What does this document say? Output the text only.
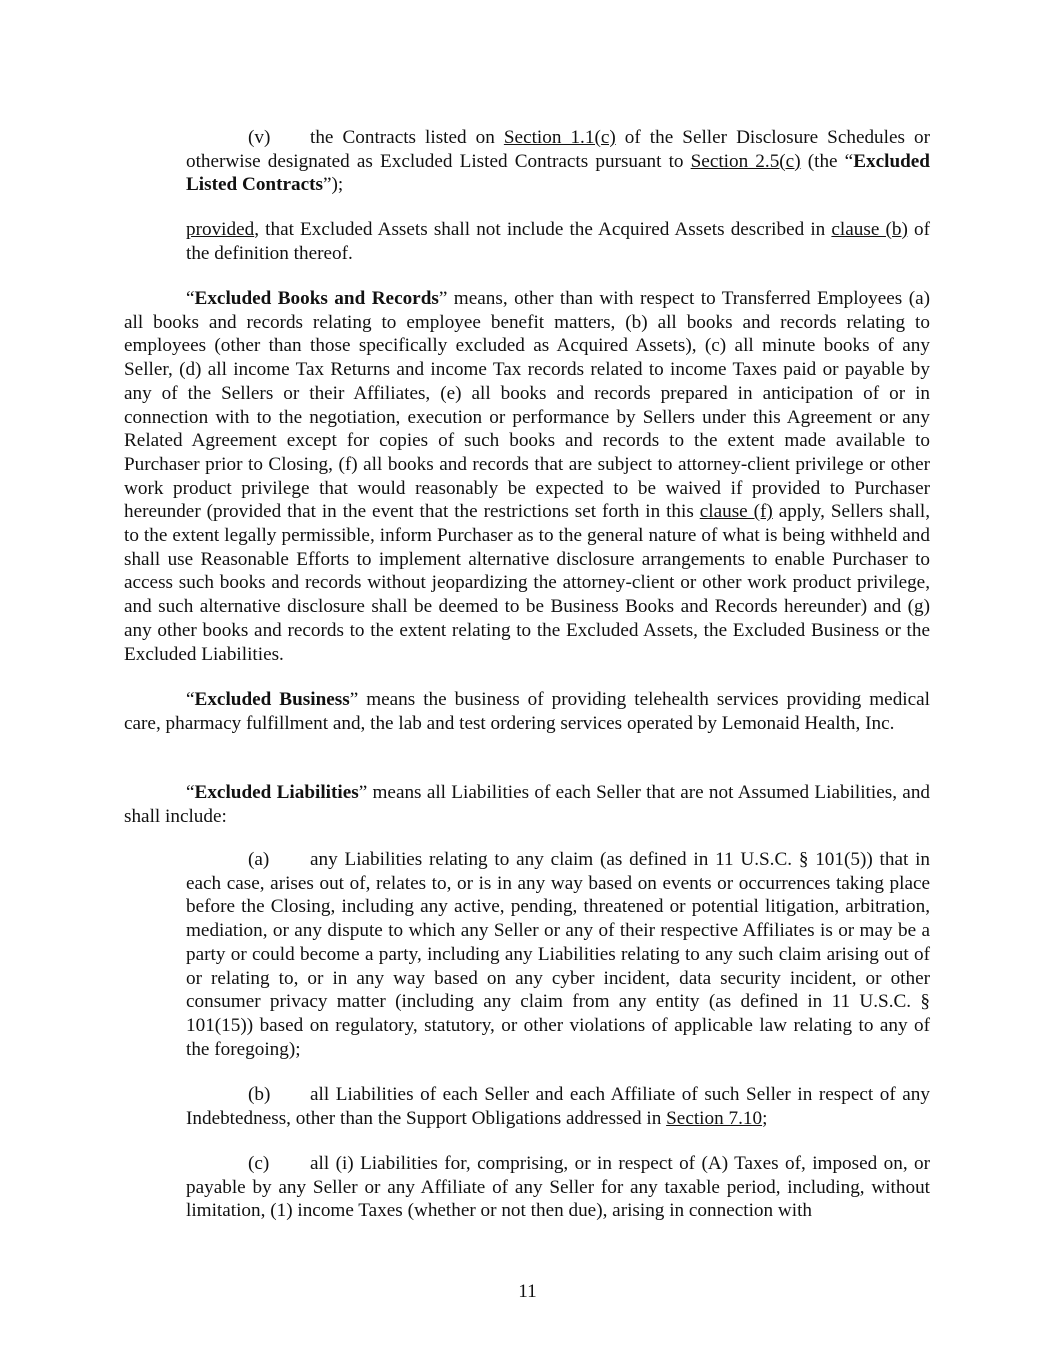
(v) the Contracts listed on Section 1.1(c) of the Seller Disclosure Schedules or otherwise designated as Excluded Listed Contracts pursuant to Section 2.5(c) (the “Excluded Listed Contracts”);

provided, that Excluded Assets shall not include the Acquired Assets described in clause (b) of the definition thereof.

“Excluded Books and Records” means, other than with respect to Transferred Employees (a) all books and records relating to employee benefit matters, (b) all books and records relating to employees (other than those specifically excluded as Acquired Assets), (c) all minute books of any Seller, (d) all income Tax Returns and income Tax records related to income Taxes paid or payable by any of the Sellers or their Affiliates, (e) all books and records prepared in anticipation of or in connection with to the negotiation, execution or performance by Sellers under this Agreement or any Related Agreement except for copies of such books and records to the extent made available to Purchaser prior to Closing, (f) all books and records that are subject to attorney-client privilege or other work product privilege that would reasonably be expected to be waived if provided to Purchaser hereunder (provided that in the event that the restrictions set forth in this clause (f) apply, Sellers shall, to the extent legally permissible, inform Purchaser as to the general nature of what is being withheld and shall use Reasonable Efforts to implement alternative disclosure arrangements to enable Purchaser to access such books and records without jeopardizing the attorney-client or other work product privilege, and such alternative disclosure shall be deemed to be Business Books and Records hereunder) and (g) any other books and records to the extent relating to the Excluded Assets, the Excluded Business or the Excluded Liabilities.

“Excluded Business” means the business of providing telehealth services providing medical care, pharmacy fulfillment and, the lab and test ordering services operated by Lemonaid Health, Inc.

“Excluded Liabilities” means all Liabilities of each Seller that are not Assumed Liabilities, and shall include:

(a) any Liabilities relating to any claim (as defined in 11 U.S.C. § 101(5)) that in each case, arises out of, relates to, or is in any way based on events or occurrences taking place before the Closing, including any active, pending, threatened or potential litigation, arbitration, mediation, or any dispute to which any Seller or any of their respective Affiliates is or may be a party or could become a party, including any Liabilities relating to any such claim arising out of or relating to, or in any way based on any cyber incident, data security incident, or other consumer privacy matter (including any claim from any entity (as defined in 11 U.S.C. § 101(15)) based on regulatory, statutory, or other violations of applicable law relating to any of the foregoing);

(b) all Liabilities of each Seller and each Affiliate of such Seller in respect of any Indebtedness, other than the Support Obligations addressed in Section 7.10;

(c) all (i) Liabilities for, comprising, or in respect of (A) Taxes of, imposed on, or payable by any Seller or any Affiliate of any Seller for any taxable period, including, without limitation, (1) income Taxes (whether or not then due), arising in connection with

11
